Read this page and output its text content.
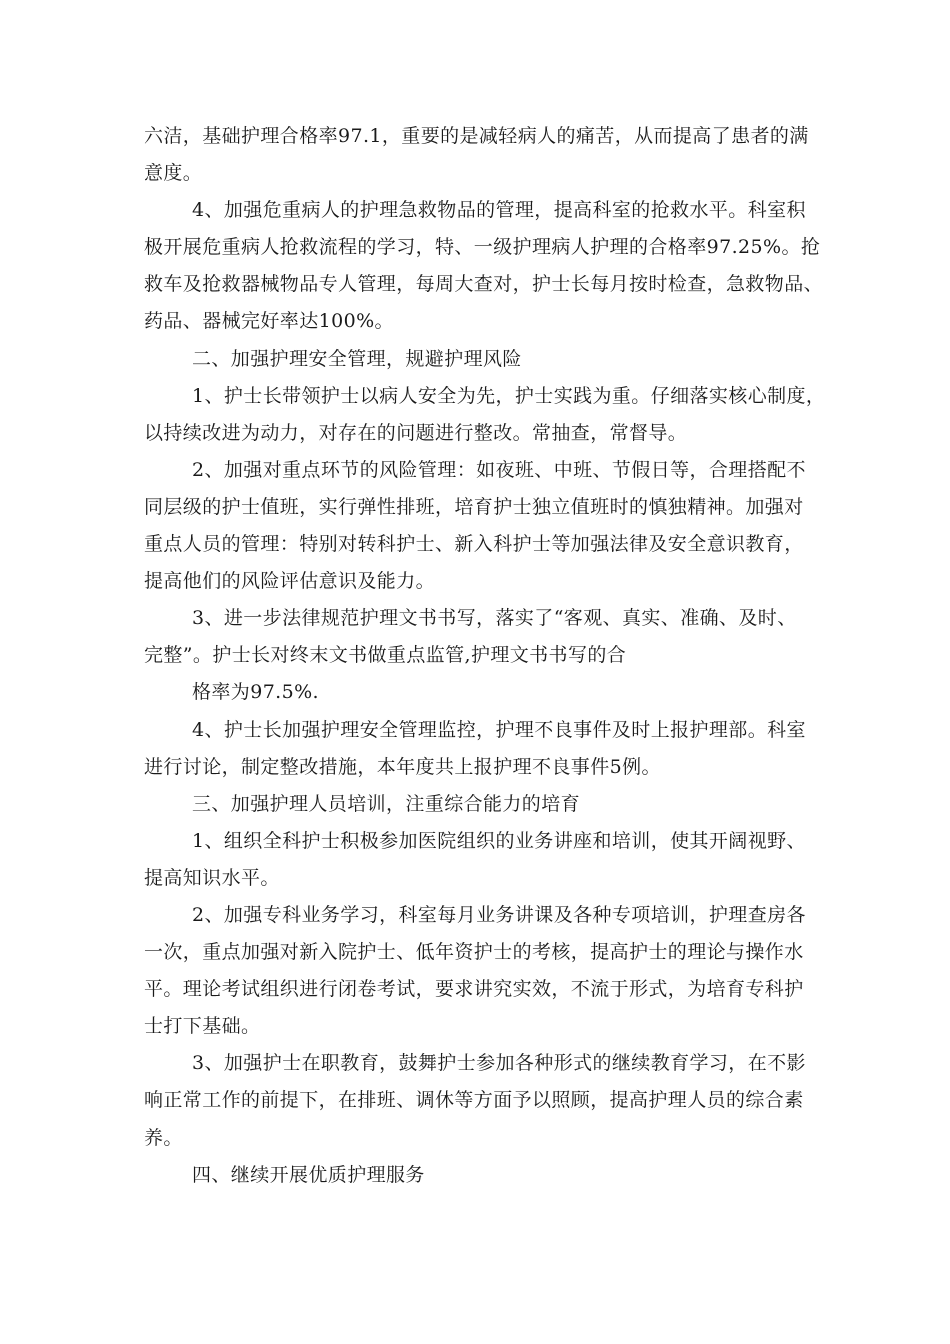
六洁，基础护理合格率97.1，重要的是减轻病人的痛苦，从而提高了患者的满
意度。
4、加强危重病人的护理急救物品的管理，提高科室的抢救水平。科室积
极开展危重病人抢救流程的学习，特、一级护理病人护理的合格率97.25%。抢
救车及抢救器械物品专人管理，每周大查对，护士长每月按时检查，急救物品、
药品、器械完好率达100%。
二、加强护理安全管理，规避护理风险
1、护士长带领护士以病人安全为先，护士实践为重。仔细落实核心制度，
以持续改进为动力，对存在的问题进行整改。常抽查，常督导。
2、加强对重点环节的风险管理：如夜班、中班、节假日等，合理搭配不
同层级的护士值班，实行弹性排班，培育护士独立值班时的慎独精神。加强对
重点人员的管理：特别对转科护士、新入科护士等加强法律及安全意识教育，
提高他们的风险评估意识及能力。
3、进一步法律规范护理文书书写，落实了“客观、真实、准确、及时、
完整”。护士长对终末文书做重点监管,护理文书书写的合
格率为97.5%.
4、护士长加强护理安全管理监控，护理不良事件及时上报护理部。科室
进行讨论，制定整改措施，本年度共上报护理不良事件5例。
三、加强护理人员培训，注重综合能力的培育
1、组织全科护士积极参加医院组织的业务讲座和培训，使其开阔视野、
提高知识水平。
2、加强专科业务学习，科室每月业务讲课及各种专项培训，护理查房各
一次，重点加强对新入院护士、低年资护士的考核，提高护士的理论与操作水
平。理论考试组织进行闭卷考试，要求讲究实效，不流于形式，为培育专科护
士打下基础。
3、加强护士在职教育，鼓舞护士参加各种形式的继续教育学习，在不影
响正常工作的前提下，在排班、调休等方面予以照顾，提高护理人员的综合素
养。
四、继续开展优质护理服务
